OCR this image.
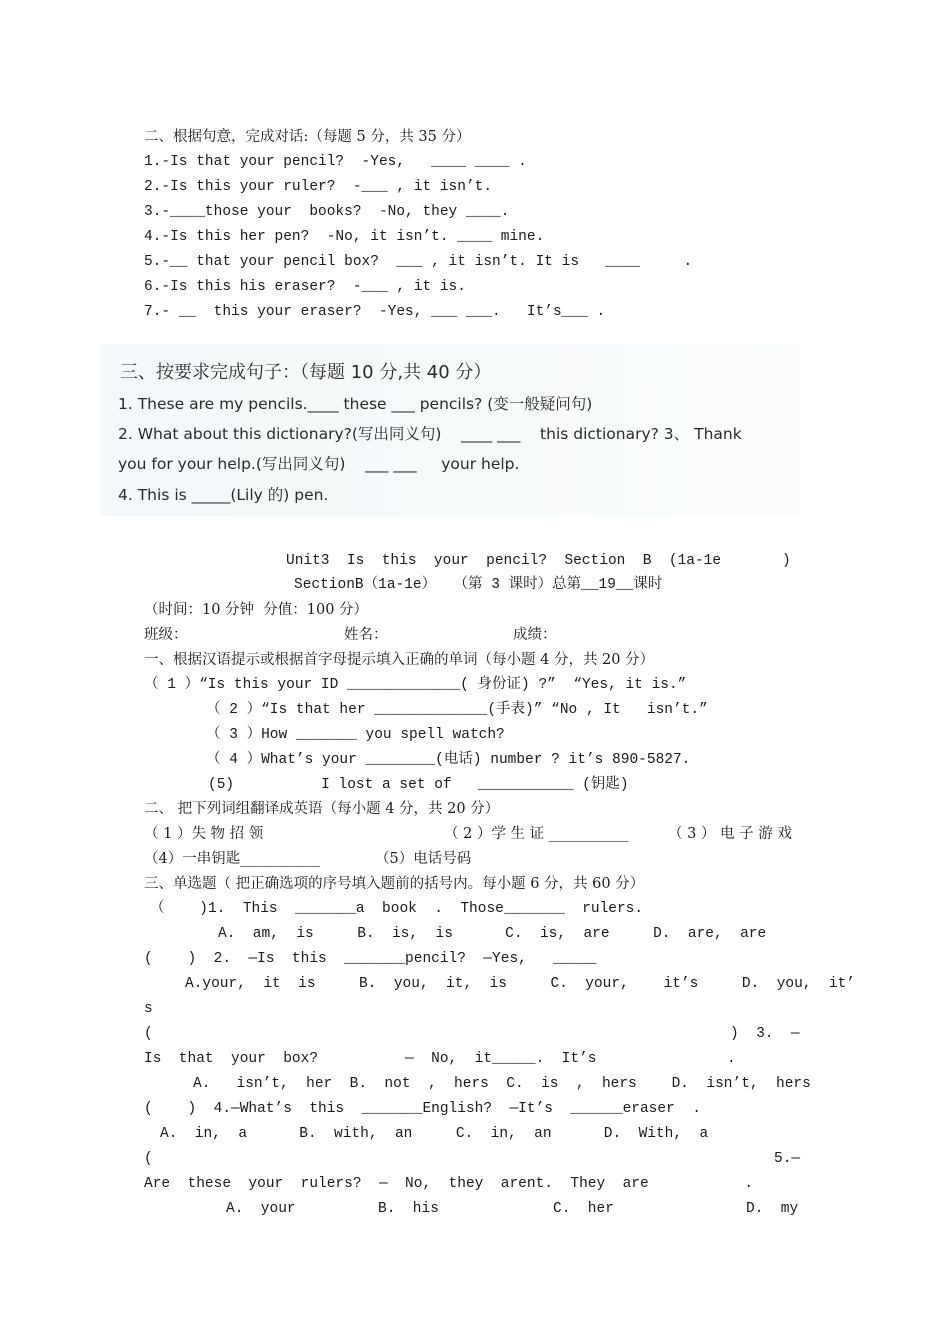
二、根据句意，完成对话:（每题 5 分，共 35 分）
1.-Is that your pencil?  -Yes,   ____ ____ .
2.-Is this your ruler?  -___ , it isn’t.
3.-____those your  books?  -No, they ____.
4.-Is this her pen?  -No, it isn’t. ____ mine.
5.-__ that your pencil box?  ___ , it isn’t. It is   ____     .
6.-Is this his eraser?  -___ , it is.
7.- __  this your eraser?  -Yes, ___ ___.   It’s___ .
三、按要求完成句子：（每题 10 分,共 40 分）
1. These are my pencils.____ these ___ pencils? (变一般疑问句)
2. What about this dictionary?(写出同义句)    ____ ___    this dictionary? 3、 Thank
you for your help.(写出同义句)    ___ ___     your help.
4. This is _____(Lily 的) pen.
Unit3  Is  this  your  pencil?  Section  B  (1a-1e       )
SectionB（1a-1e）  （第 3 课时）总第__19__课时
（时间：10 分钟  分值：100 分）
班级：	姓名：	成绩：
一、根据汉语提示或根据首字母提示填入正确的单词（每小题 4 分，共 20 分）
（ 1 ）“Is this your ID _____________( 身份证) ?”  “Yes, it is.”
（ 2 ）“Is that her _____________(手表)” “No , It   isn’t.”
（ 3 ）How _______ you spell watch?
（ 4 ）What’s your ________(电话) number ? it’s 890-5827.
(5)          I lost a set of   ___________ (钥匙)
二、 把下列词组翻译成英语（每小题 4 分，共 20 分）
（ 1 ）失 物 招 领	（ 2 ）学 生 证 ___________	（ 3 ） 电 子 游 戏
（4）一串钥匙___________	（5）电话号码
三、单选题（ 把正确选项的序号填入题前的括号内。每小题 6 分，共 60 分）
（    )1.  This  _______a  book  .  Those_______  rulers.
A.  am,  is     B.  is,  is      C.  is,  are     D.  are,  are
(    )  2.  —Is  this  _______pencil?  —Yes,   _____
A.your,  it  is     B.  you,  it,  is     C.  your,    it’s     D.  you,  it’
s
(	)  3.  —
Is  that  your  box?          —  No,  it_____.  It’s               .
A.   isn’t,  her  B.  not  ,  hers  C.  is  ,  hers    D.  isn’t,  hers
(    )  4.—What’s  this  _______English?  —It’s  ______eraser  .
A.  in,  a      B.  with,  an     C.  in,  an      D.  With,  a
(	5.—
Are  these  your  rulers?  —  No,  they  arent.  They  are           .
A.  your	B.  his	C.  her	D.  my
